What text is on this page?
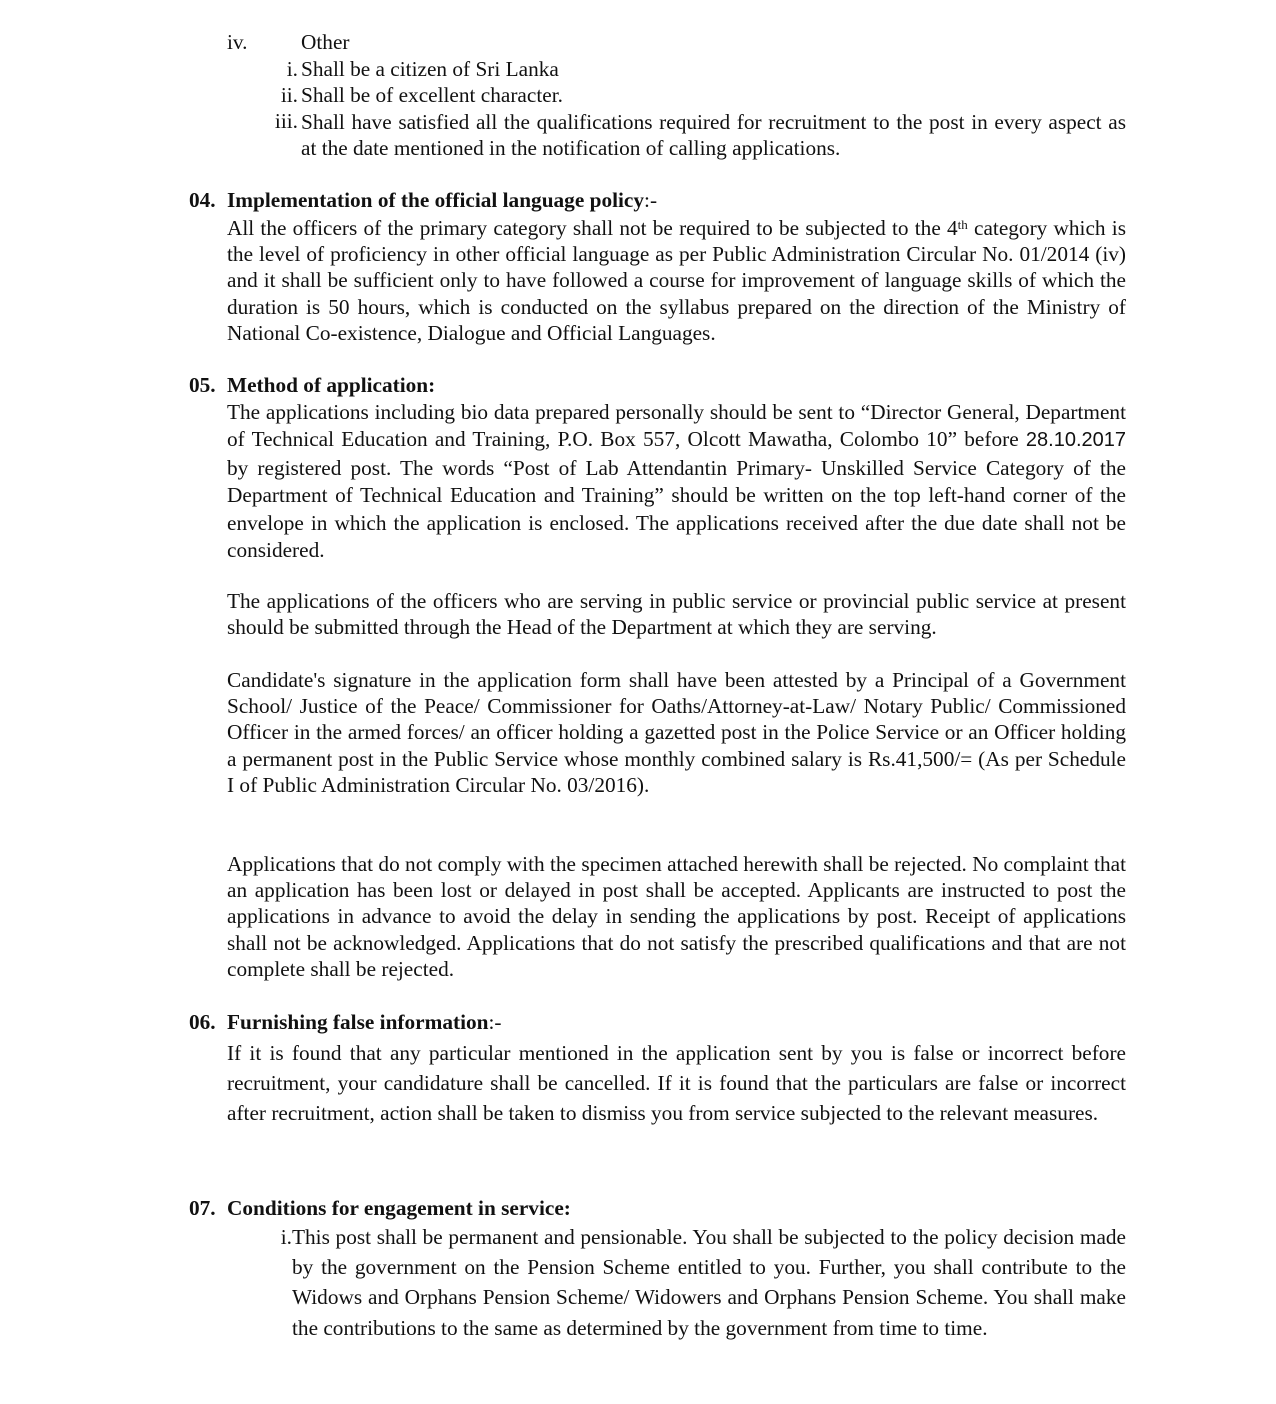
iv.	Other
i. Shall be a citizen of Sri Lanka
ii. Shall be of excellent character.
iii. Shall have satisfied all the qualifications required for recruitment to the post in every aspect as at the date mentioned in the notification of calling applications.
04. Implementation of the official language policy:-
All the officers of the primary category shall not be required to be subjected to the 4th category which is the level of proficiency in other official language as per Public Administration Circular No. 01/2014 (iv) and it shall be sufficient only to have followed a course for improvement of language skills of which the duration is 50 hours, which is conducted on the syllabus prepared on the direction of the Ministry of National Co-existence, Dialogue and Official Languages.
05. Method of application:
The applications including bio data prepared personally should be sent to “Director General, Department of Technical Education and Training, P.O. Box 557, Olcott Mawatha, Colombo 10” before 28.10.2017 by registered post. The words “Post of Lab Attendantin Primary- Unskilled Service Category of the Department of Technical Education and Training” should be written on the top left-hand corner of the envelope in which the application is enclosed. The applications received after the due date shall not be considered.
The applications of the officers who are serving in public service or provincial public service at present should be submitted through the Head of the Department at which they are serving.
Candidate's signature in the application form shall have been attested by a Principal of a Government School/ Justice of the Peace/ Commissioner for Oaths/Attorney-at-Law/ Notary Public/ Commissioned Officer in the armed forces/ an officer holding a gazetted post in the Police Service or an Officer holding a permanent post in the Public Service whose monthly combined salary is Rs.41,500/= (As per Schedule I of Public Administration Circular No. 03/2016).
Applications that do not comply with the specimen attached herewith shall be rejected. No complaint that an application has been lost or delayed in post shall be accepted. Applicants are instructed to post the applications in advance to avoid the delay in sending the applications by post. Receipt of applications shall not be acknowledged. Applications that do not satisfy the prescribed qualifications and that are not complete shall be rejected.
06. Furnishing false information:-
If it is found that any particular mentioned in the application sent by you is false or incorrect before recruitment, your candidature shall be cancelled. If it is found that the particulars are false or incorrect after recruitment, action shall be taken to dismiss you from service subjected to the relevant measures.
07. Conditions for engagement in service:
i. This post shall be permanent and pensionable. You shall be subjected to the policy decision made by the government on the Pension Scheme entitled to you. Further, you shall contribute to the Widows and Orphans Pension Scheme/ Widowers and Orphans Pension Scheme. You shall make the contributions to the same as determined by the government from time to time.
